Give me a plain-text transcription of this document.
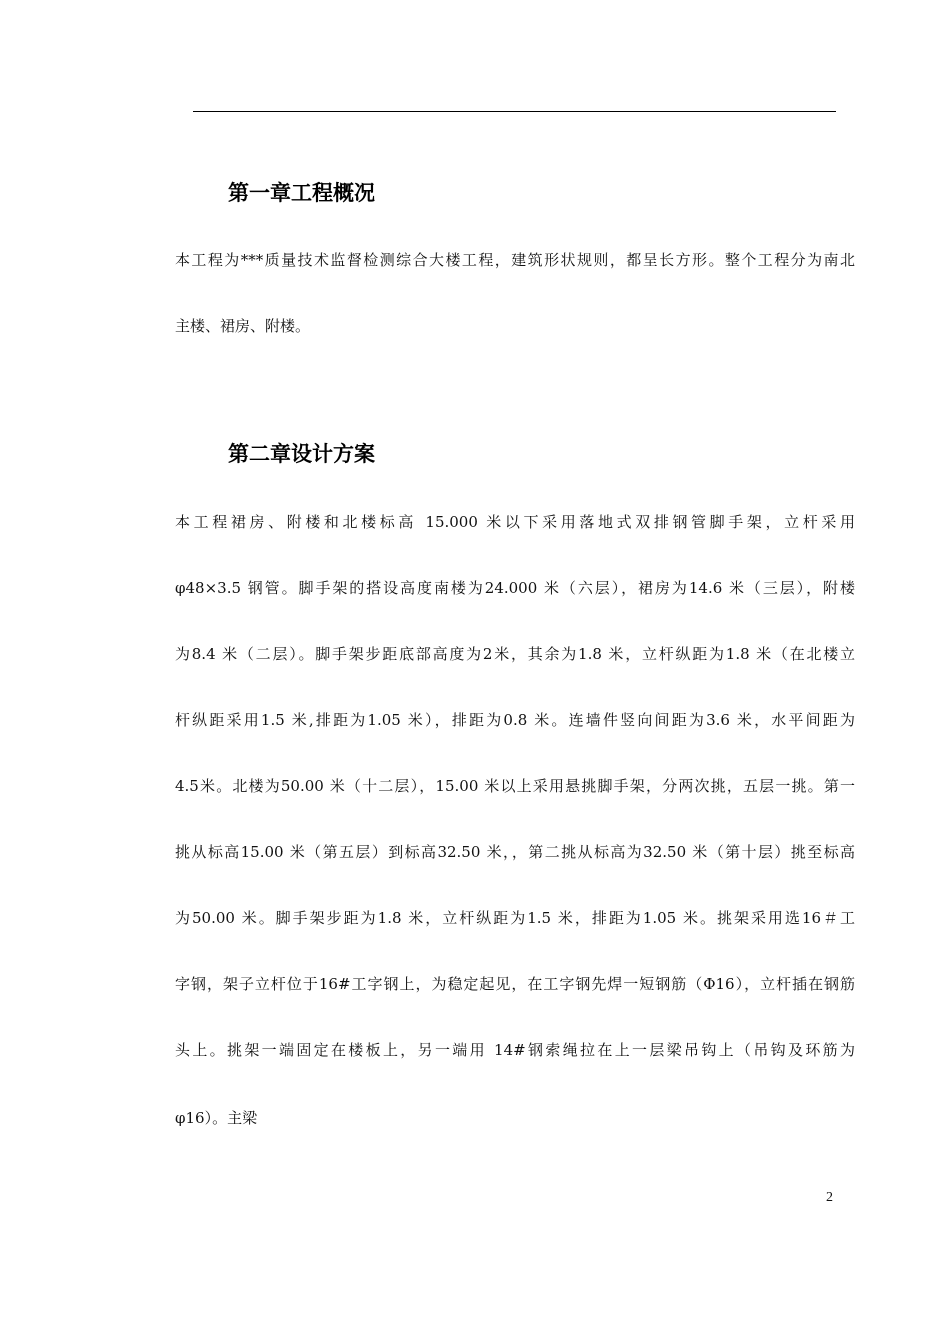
第一章工程概况
本工程为***质量技术监督检测综合大楼工程，建筑形状规则，都呈长方形。整个工程分为南北
主楼、裙房、附楼。
第二章设计方案
本工程裙房、附楼和北楼标高 15.000 米以下采用落地式双排钢管脚手架，立杆采用
φ48×3.5 钢管。脚手架的搭设高度南楼为24.000 米（六层），裙房为14.6 米（三层），附楼
为8.4 米（二层）。脚手架步距底部高度为2米，其余为1.8 米，立杆纵距为1.8 米（在北楼立
杆纵距采用1.5 米,排距为1.05 米），排距为0.8 米。连墙件竖向间距为3.6 米，水平间距为
4.5米。北楼为50.00 米（十二层），15.00 米以上采用悬挑脚手架，分两次挑，五层一挑。第一
挑从标高15.00 米（第五层）到标高32.50 米，，第二挑从标高为32.50 米（第十层）挑至标高
为50.00 米。脚手架步距为1.8 米，立杆纵距为1.5 米，排距为1.05 米。挑架采用选16＃工
字钢，架子立杆位于16#工字钢上，为稳定起见，在工字钢先焊一短钢筋（Φ16），立杆插在钢筋
头上。挑架一端固定在楼板上，另一端用 14#钢索绳拉在上一层梁吊钩上（吊钩及环筋为
φ16）。主梁
2
